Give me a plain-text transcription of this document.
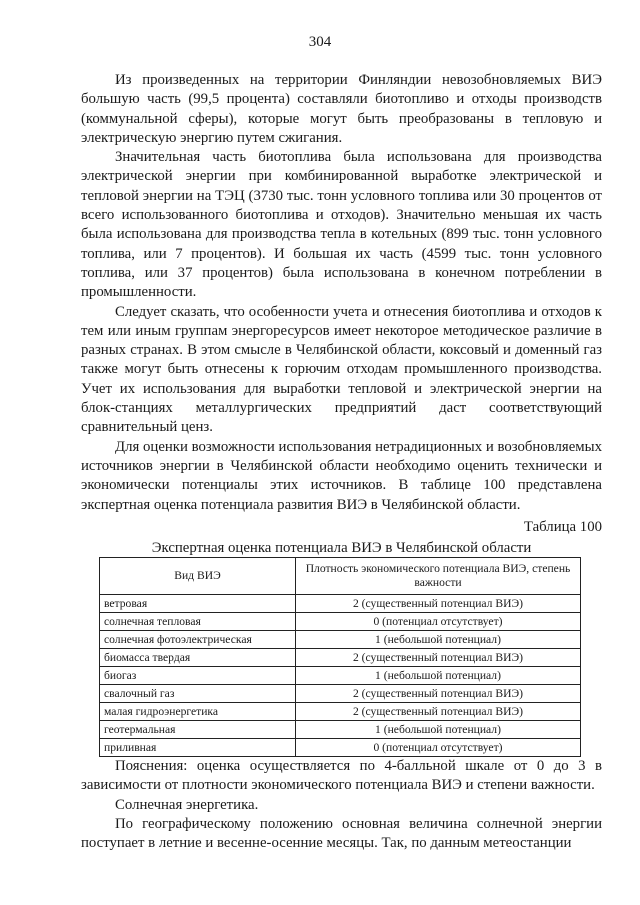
304

Из произведенных на территории Финляндии невозобновляемых ВИЭ большую часть (99,5 процента) составляли биотопливо и отходы производств (коммунальной сферы), которые могут быть преобразованы в тепловую и электрическую энергию путем сжигания.

Значительная часть биотоплива была использована для производства электрической энергии при комбинированной выработке электрической и тепловой энергии на ТЭЦ (3730 тыс. тонн условного топлива или 30 процентов от всего использованного биотоплива и отходов). Значительно меньшая их часть была использована для производства тепла в котельных (899 тыс. тонн условного топлива, или 7 процентов). И большая их часть (4599 тыс. тонн условного топлива, или 37 процентов) была использована в конечном потреблении в промышленности.

Следует сказать, что особенности учета и отнесения биотоплива и отходов к тем или иным группам энергоресурсов имеет некоторое методическое различие в разных странах. В этом смысле в Челябинской области, коксовый и доменный газ также могут быть отнесены к горючим отходам промышленного производства. Учет их использования для выработки тепловой и электрической энергии на блок-станциях металлургических предприятий даст соответствующий сравнительный ценз.

Для оценки возможности использования нетрадиционных и возобновляемых источников энергии в Челябинской области необходимо оценить технически и экономически потенциалы этих источников. В таблице 100 представлена экспертная оценка потенциала развития ВИЭ в Челябинской области.

Таблица 100
Экспертная оценка потенциала ВИЭ в Челябинской области
Вид ВИЭ	Плотность экономического потенциала ВИЭ, степень важности
ветровая	2 (существенный потенциал ВИЭ)
солнечная тепловая	0 (потенциал отсутствует)
солнечная фотоэлектрическая	1 (небольшой потенциал)
биомасса твердая	2 (существенный потенциал ВИЭ)
биогаз	1 (небольшой потенциал)
свалочный газ	2 (существенный потенциал ВИЭ)
малая гидроэнергетика	2 (существенный потенциал ВИЭ)
геотермальная	1 (небольшой потенциал)
приливная	0 (потенциал отсутствует)

Пояснения: оценка осуществляется по 4-балльной шкале от 0 до 3 в зависимости от плотности экономического потенциала ВИЭ и степени важности.

Солнечная энергетика.

По географическому положению основная величина солнечной энергии поступает в летние и весенне-осенние месяцы. Так, по данным метеостанции
